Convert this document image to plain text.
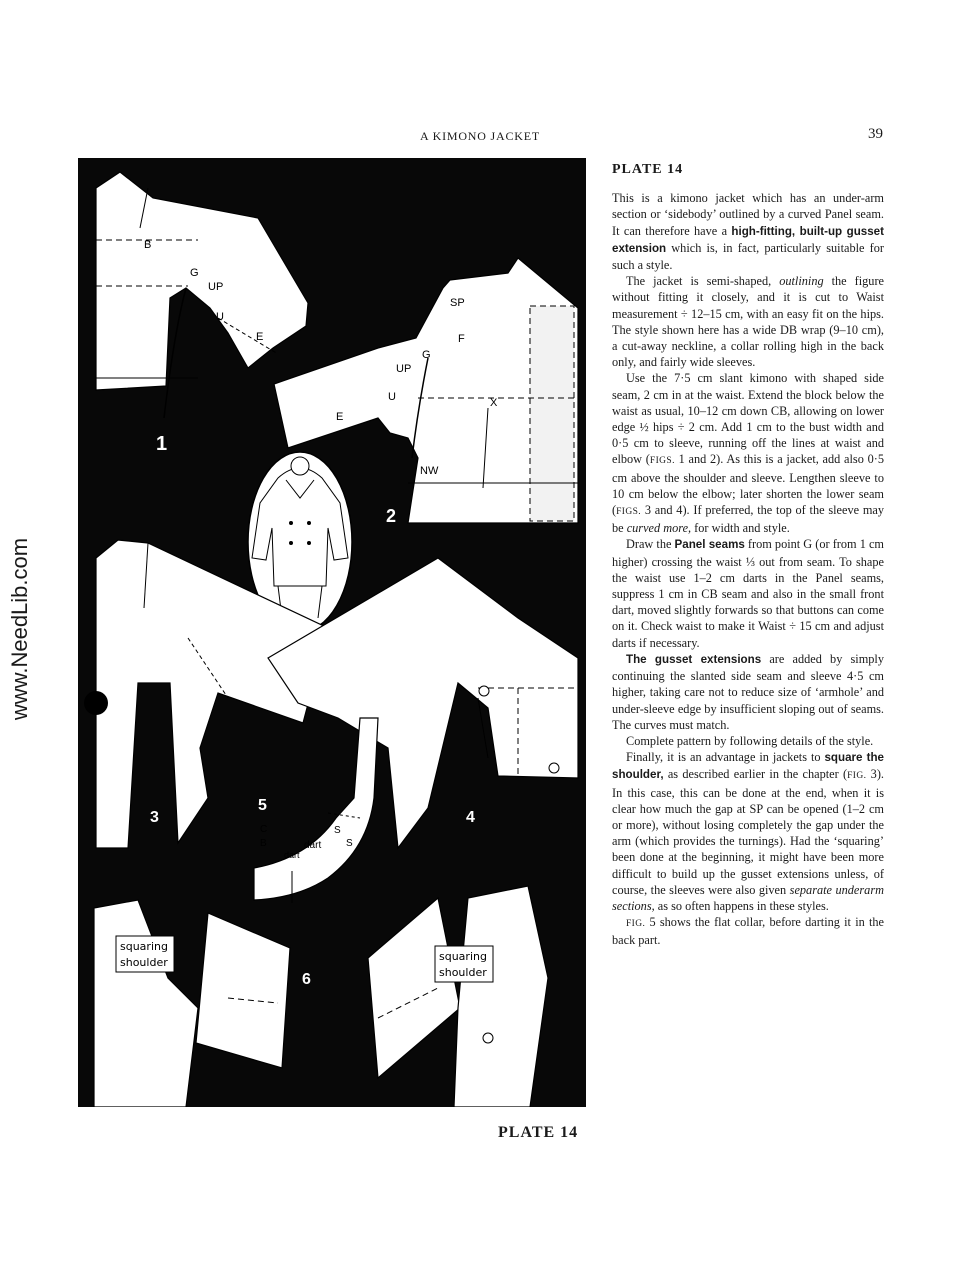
www.NeedLib.com
A KIMONO JACKET	39
B
G
UP
U
E
1
SP
F
G
UP
U
E
X
NW
2
3	4
dart
S
S
C
B
dart
5
squaring
shoulder	squaring
shoulder
6
PLATE 14
PLATE 14

This is a kimono jacket which has an under-arm section or ‘sidebody’ outlined by a curved Panel seam. It can therefore have a high-fitting, built-up gusset extension which is, in fact, particularly suitable for such a style.

The jacket is semi-shaped, outlining the figure without fitting it closely, and it is cut to Waist measurement ÷ 12–15 cm, with an easy fit on the hips. The style shown here has a wide DB wrap (9–10 cm), a cut-away neckline, a collar rolling high in the back only, and fairly wide sleeves.

Use the 7·5 cm slant kimono with shaped side seam, 2 cm in at the waist. Extend the block below the waist as usual, 10–12 cm down CB, allowing on lower edge ½ hips ÷ 2 cm. Add 1 cm to the bust width and 0·5 cm to sleeve, running off the lines at waist and elbow (FIGS. 1 and 2). As this is a jacket, add also 0·5 cm above the shoulder and sleeve. Lengthen sleeve to 10 cm below the elbow; later shorten the lower seam (FIGS. 3 and 4). If preferred, the top of the sleeve may be curved more, for width and style.

Draw the Panel seams from point G (or from 1 cm higher) crossing the waist ⅓ out from seam. To shape the waist use 1–2 cm darts in the Panel seams, suppress 1 cm in CB seam and also in the small front dart, moved slightly forwards so that buttons can come on it. Check waist to make it Waist ÷ 15 cm and adjust darts if necessary.

The gusset extensions are added by simply continuing the slanted side seam and sleeve 4·5 cm higher, taking care not to reduce size of ‘armhole’ and under-sleeve edge by insufficient sloping out of seams. The curves must match.

Complete pattern by following details of the style.

Finally, it is an advantage in jackets to square the shoulder, as described earlier in the chapter (FIG. 3). In this case, this can be done at the end, when it is clear how much the gap at SP can be opened (1–2 cm or more), without losing completely the gap under the arm (which provides the turnings). Had the ‘squaring’ been done at the beginning, it might have been more difficult to build up the gusset extensions unless, of course, the sleeves were also given separate underarm sections, as so often happens in these styles.

FIG. 5 shows the flat collar, before darting it in the back part.
